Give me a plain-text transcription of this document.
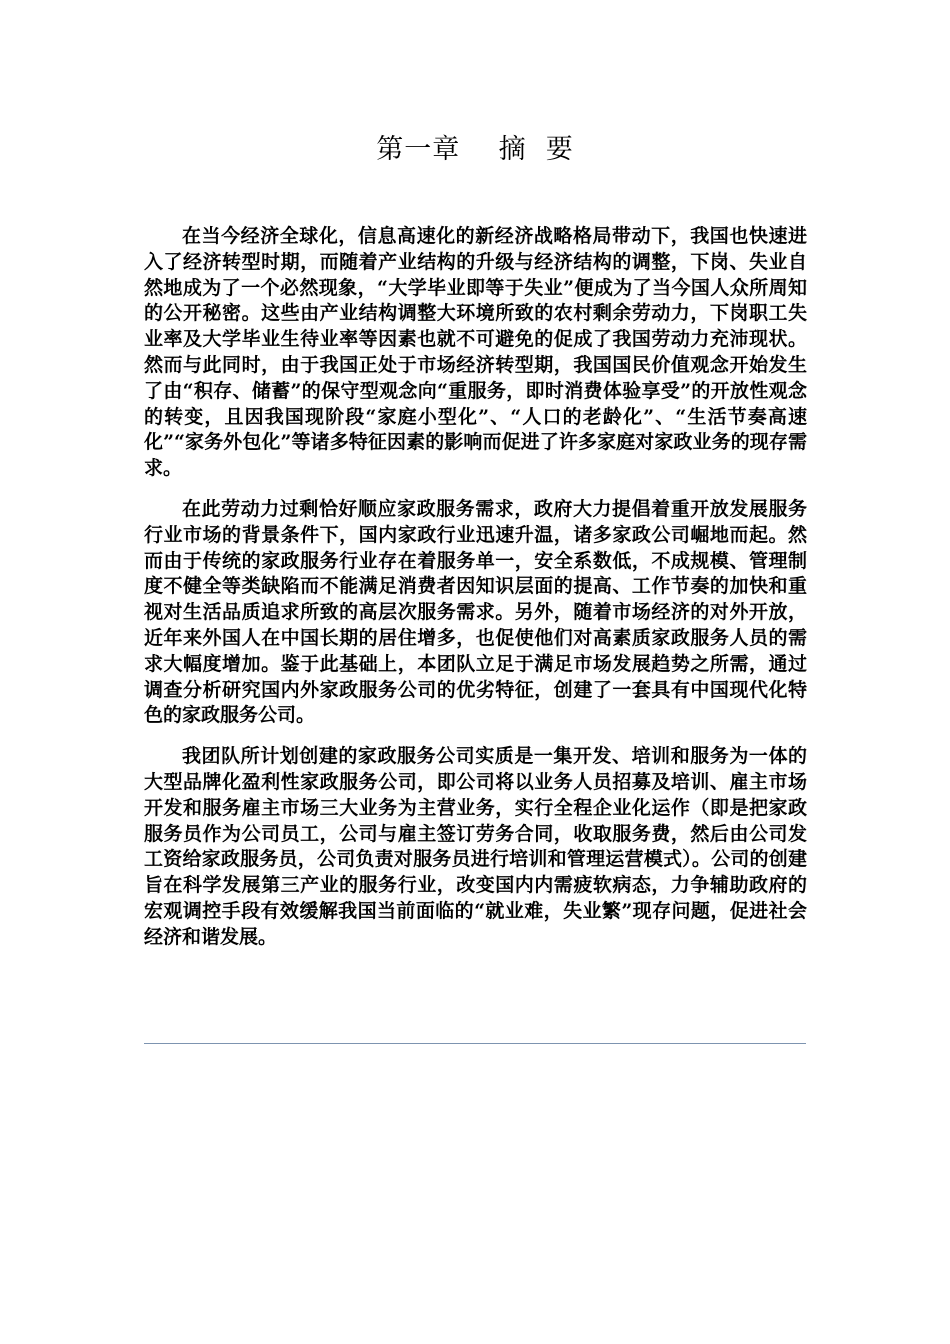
第一章    摘  要

在当今经济全球化，信息高速化的新经济战略格局带动下，我国也快速进入了经济转型时期，而随着产业结构的升级与经济结构的调整，下岗、失业自然地成为了一个必然现象，“大学毕业即等于失业”便成为了当今国人众所周知的公开秘密。这些由产业结构调整大环境所致的农村剩余劳动力，下岗职工失业率及大学毕业生待业率等因素也就不可避免的促成了我国劳动力充沛现状。然而与此同时，由于我国正处于市场经济转型期，我国国民价值观念开始发生了由“积存、储蓄”的保守型观念向“重服务，即时消费体验享受”的开放性观念的转变，且因我国现阶段“家庭小型化”、“人口的老龄化”、“生活节奏高速化”“家务外包化”等诸多特征因素的影响而促进了许多家庭对家政业务的现存需求。

在此劳动力过剩恰好顺应家政服务需求，政府大力提倡着重开放发展服务行业市场的背景条件下，国内家政行业迅速升温，诸多家政公司崛地而起。然而由于传统的家政服务行业存在着服务单一，安全系数低，不成规模、管理制度不健全等类缺陷而不能满足消费者因知识层面的提高、工作节奏的加快和重视对生活品质追求所致的高层次服务需求。另外，随着市场经济的对外开放，近年来外国人在中国长期的居住增多，也促使他们对高素质家政服务人员的需求大幅度增加。鉴于此基础上，本团队立足于满足市场发展趋势之所需，通过调查分析研究国内外家政服务公司的优劣特征，创建了一套具有中国现代化特色的家政服务公司。

我团队所计划创建的家政服务公司实质是一集开发、培训和服务为一体的大型品牌化盈利性家政服务公司，即公司将以业务人员招募及培训、雇主市场开发和服务雇主市场三大业务为主营业务，实行全程企业化运作（即是把家政服务员作为公司员工，公司与雇主签订劳务合同，收取服务费，然后由公司发工资给家政服务员，公司负责对服务员进行培训和管理运营模式）。公司的创建旨在科学发展第三产业的服务行业，改变国内内需疲软病态，力争辅助政府的宏观调控手段有效缓解我国当前面临的“就业难，失业繁”现存问题，促进社会经济和谐发展。
